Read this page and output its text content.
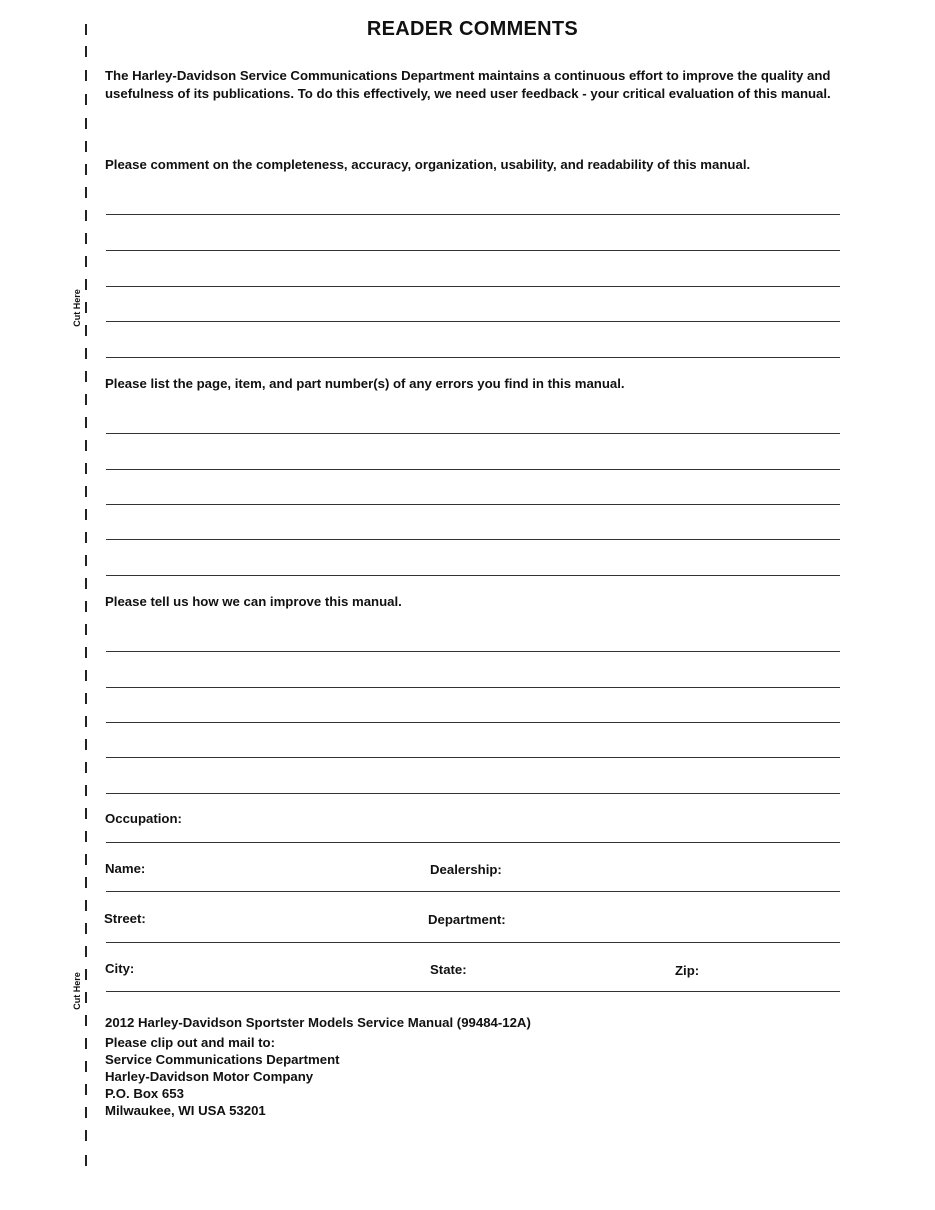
READER COMMENTS
The Harley-Davidson Service Communications Department maintains a continuous effort to improve the quality and usefulness of its publications. To do this effectively, we need user feedback - your critical evaluation of this manual.
Please comment on the completeness, accuracy, organization, usability, and readability of this manual.
Please list the page, item, and part number(s) of any errors you find in this manual.
Please tell us how we can improve this manual.
Occupation:
Name:	Dealership:
Street:	Department:
City:	State:	Zip:
2012 Harley-Davidson Sportster Models Service Manual (99484-12A)
Please clip out and mail to:
Service Communications Department
Harley-Davidson Motor Company
P.O. Box 653
Milwaukee, WI USA 53201
Cut Here
Cut Here
